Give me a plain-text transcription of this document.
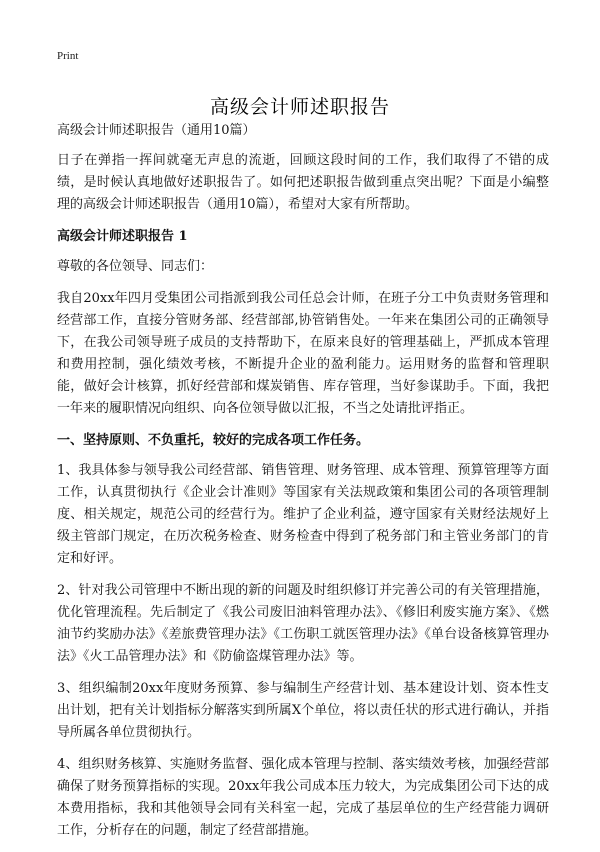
Print
高级会计师述职报告

高级会计师述职报告（通用10篇）

日子在弹指一挥间就毫无声息的流逝，回顾这段时间的工作，我们取得了不错的成绩，是时候认真地做好述职报告了。如何把述职报告做到重点突出呢？下面是小编整理的高级会计师述职报告（通用10篇），希望对大家有所帮助。

高级会计师述职报告 1

尊敬的各位领导、同志们：

我自20xx年四月受集团公司指派到我公司任总会计师，在班子分工中负责财务管理和经营部工作，直接分管财务部、经营部部,协管销售处。一年来在集团公司的正确领导下，在我公司领导班子成员的支持帮助下，在原来良好的管理基础上，严抓成本管理和费用控制，强化绩效考核，不断提升企业的盈利能力。运用财务的监督和管理职能，做好会计核算，抓好经营部和煤炭销售、库存管理，当好参谋助手。下面，我把一年来的履职情况向组织、向各位领导做以汇报，不当之处请批评指正。

一、坚持原则、不负重托，较好的完成各项工作任务。

1、我具体参与领导我公司经营部、销售管理、财务管理、成本管理、预算管理等方面工作，认真贯彻执行《企业会计准则》等国家有关法规政策和集团公司的各项管理制度、相关规定，规范公司的经营行为。维护了企业利益，遵守国家有关财经法规好上级主管部门规定，在历次税务检查、财务检查中得到了税务部门和主管业务部门的肯定和好评。

2、针对我公司管理中不断出现的新的问题及时组织修订并完善公司的有关管理措施，优化管理流程。先后制定了《我公司废旧油料管理办法》、《修旧利废实施方案》、《燃油节约奖励办法》《差旅费管理办法》《工伤职工就医管理办法》《单台设备核算管理办法》《火工品管理办法》和《防偷盗煤管理办法》等。

3、组织编制20xx年度财务预算、参与编制生产经营计划、基本建设计划、资本性支出计划，把有关计划指标分解落实到所属X个单位，将以责任状的形式进行确认，并指导所属各单位贯彻执行。

4、组织财务核算、实施财务监督、强化成本管理与控制、落实绩效考核，加强经营部确保了财务预算指标的实现。20xx年我公司成本压力较大，为完成集团公司下达的成本费用指标，我和其他领导会同有关科室一起，完成了基层单位的生产经营能力调研工作，分析存在的问题，制定了经营部措施。
